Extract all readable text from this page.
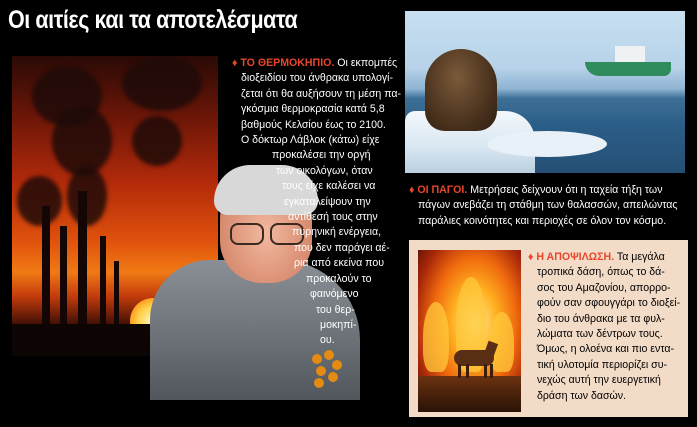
Οι αιτίες και τα αποτελέσματα
♦ ΤΟ ΘΕΡΜΟΚΗΠΙΟ. Οι εκπομπές
διοξειδίου του άνθρακα υπολογί-
ζεται ότι θα αυξήσουν τη μέση πα-
γκόσμια θερμοκρασία κατά 5,8
βαθμούς Κελσίου έως το 2100.
Ο δόκτωρ Λάβλοκ (κάτω) είχε
προκαλέσει την οργή
των οικολόγων, όταν
τους είχε καλέσει να
εγκαταλείψουν την
αντίθεσή τους στην
πυρηνική ενέργεια,
που δεν παράγει αέ-
ρια από εκείνα που
προκαλούν το
φαινόμενο
του θερ-
μοκηπί-
ου.
♦ ΟΙ ΠΑΓΟΙ. Μετρήσεις δείχνουν ότι η ταχεία τήξη των
πάγων ανεβάζει τη στάθμη των θαλασσών, απειλώντας
παράλιες κοινότητες και περιοχές σε όλον τον κόσμο.
♦ Η ΑΠΟΨΙΛΩΣΗ. Τα μεγάλα
τροπικά δάση, όπως το δά-
σος του Αμαζονίου, απορρο-
φούν σαν σφουγγάρι το διοξεί-
διο του άνθρακα με τα φυλ-
λώματα των δέντρων τους.
Όμως, η ολοένα και πιο εντα-
τική υλοτομία περιορίζει συ-
νεχώς αυτή την ευεργετική
δράση των δασών.
